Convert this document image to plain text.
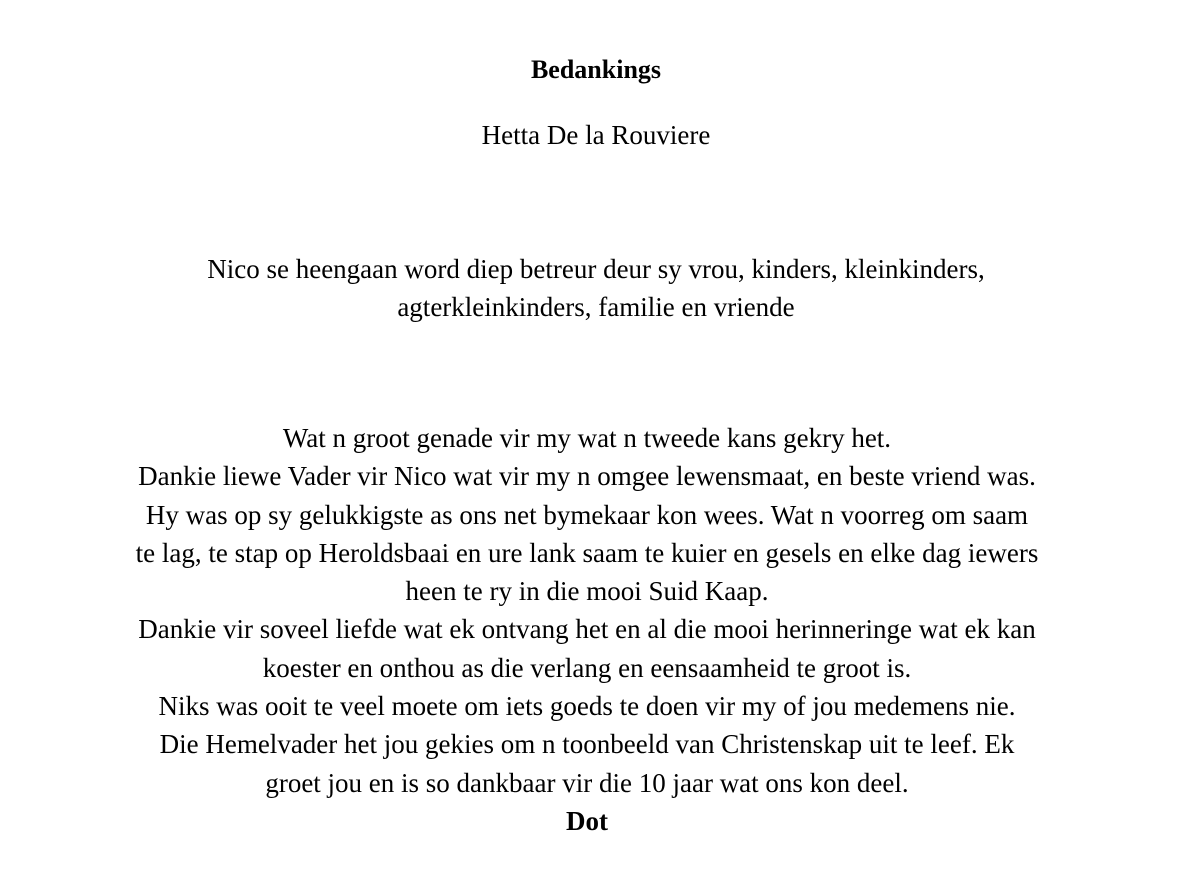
Bedankings
Hetta De la Rouviere
Nico se heengaan word diep betreur deur sy vrou, kinders, kleinkinders,
agterkleinkinders, familie en vriende
Wat n groot genade vir my wat n tweede kans gekry het.
Dankie liewe Vader vir Nico wat vir my n omgee lewensmaat, en beste vriend was.
Hy was op sy gelukkigste as ons net bymekaar kon wees. Wat n voorreg om saam
te lag, te stap op Heroldsbaai en ure lank saam te kuier en gesels en elke dag iewers
heen te ry in die mooi Suid Kaap.
Dankie vir soveel liefde wat ek ontvang het en al die mooi herinneringe wat ek kan
koester en onthou as die verlang en eensaamheid te groot is.
Niks was ooit te veel moete om iets goeds te doen vir my of jou medemens nie.
Die Hemelvader het jou gekies om n toonbeeld van Christenskap uit te leef. Ek
groet jou en is so dankbaar vir die 10 jaar wat ons kon deel.
Dot
